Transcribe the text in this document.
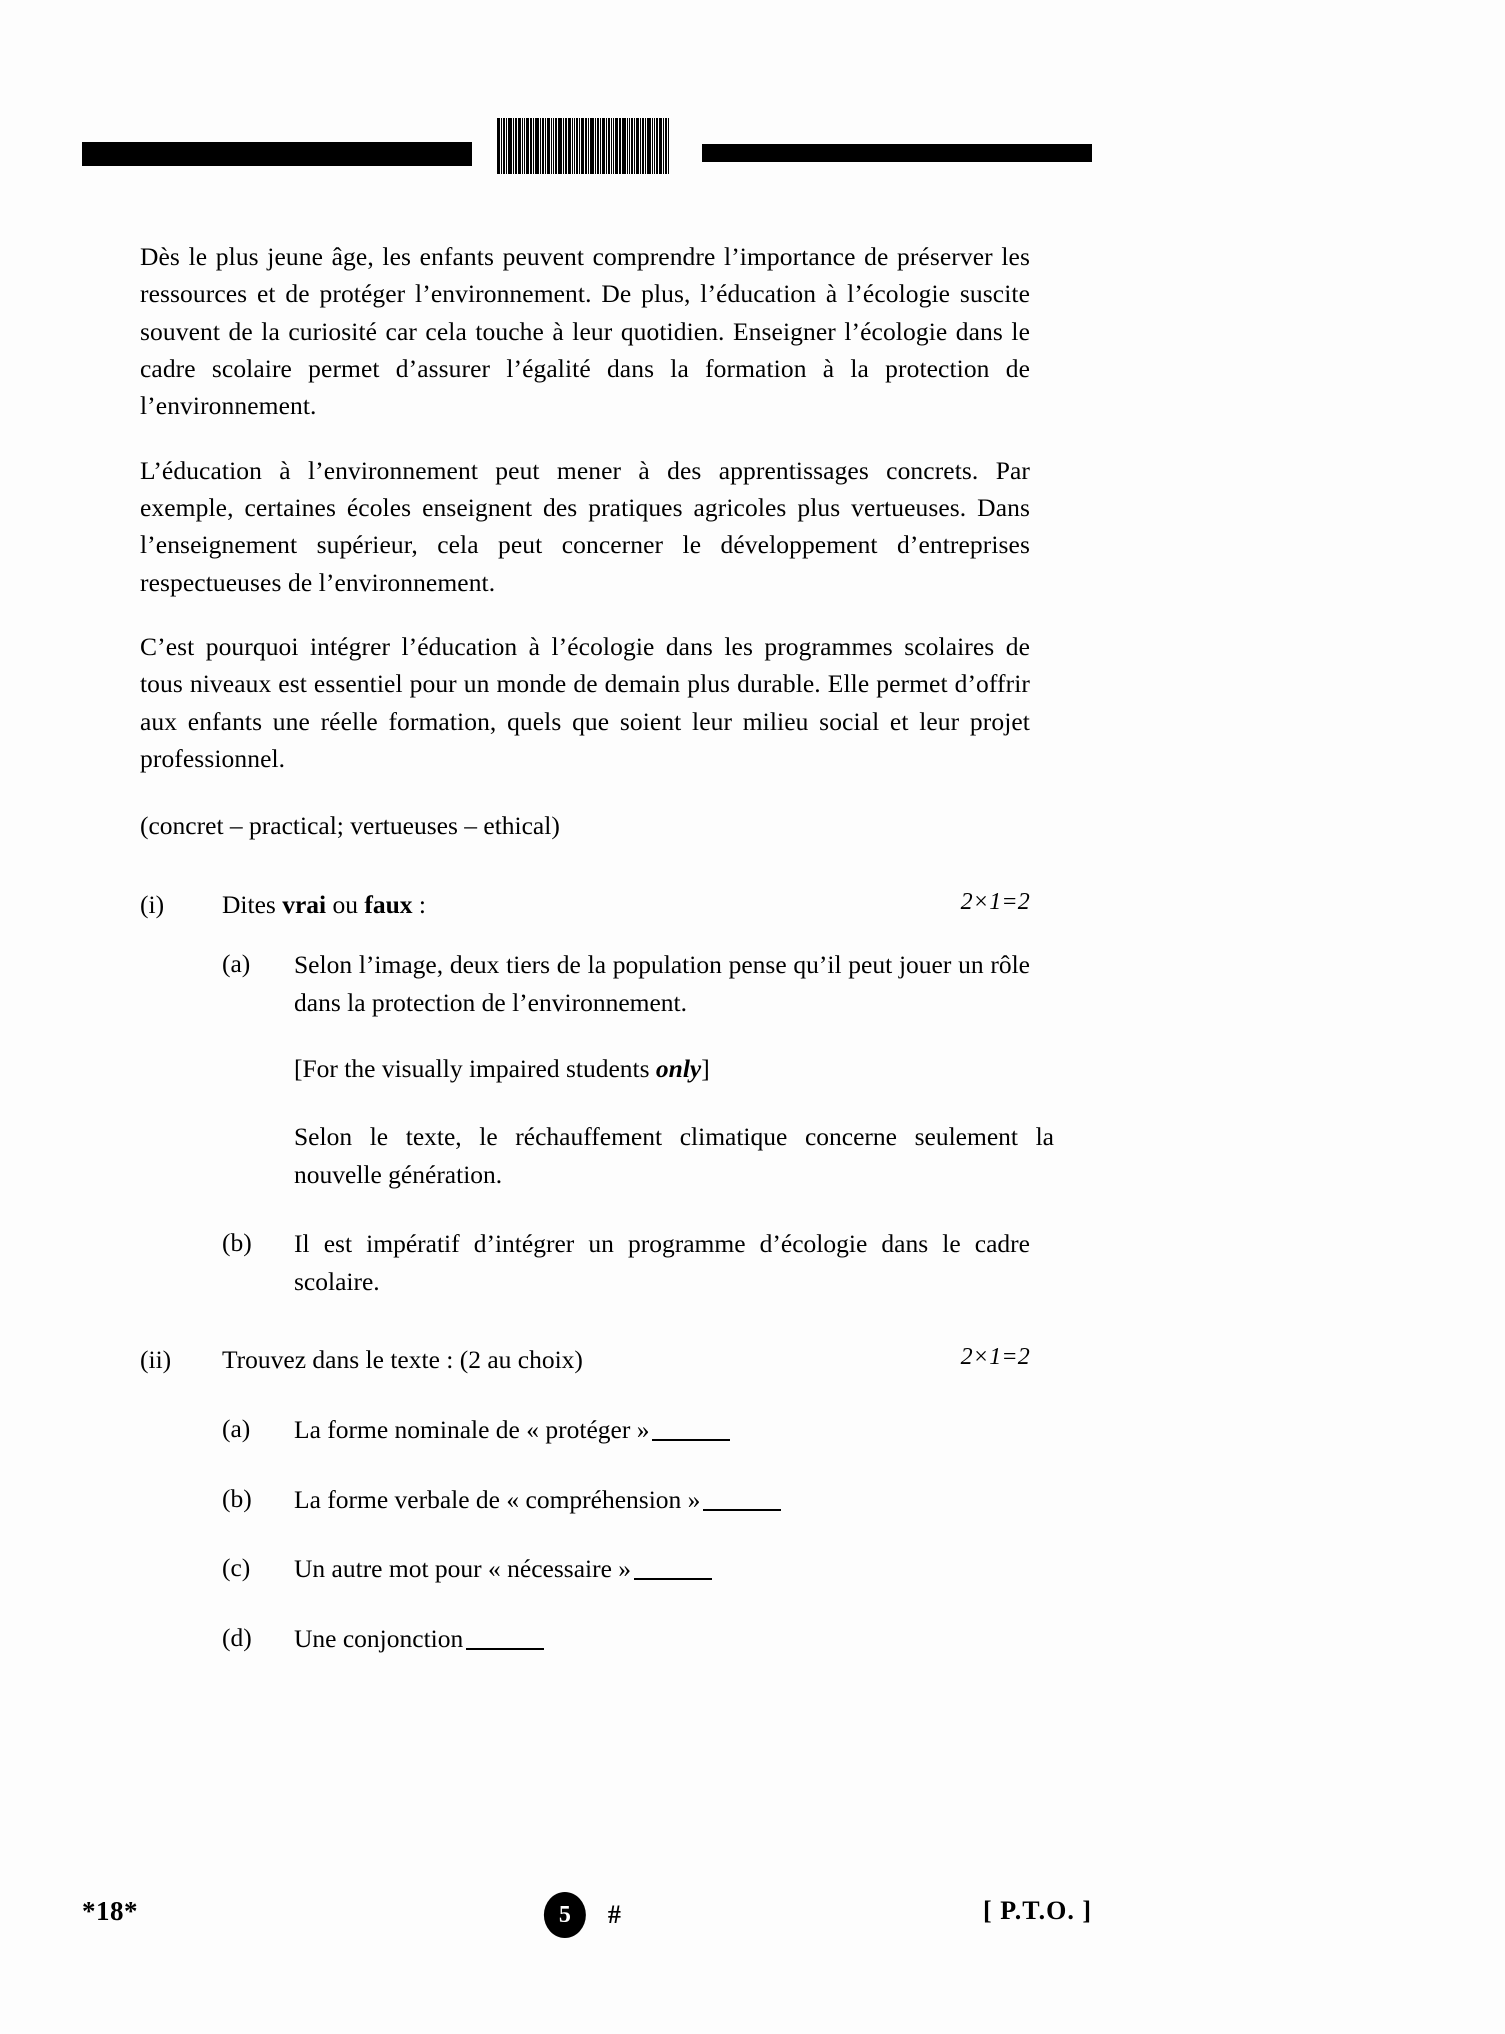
Dès le plus jeune âge, les enfants peuvent comprendre l’importance de préserver les ressources et de protéger l’environnement. De plus, l’éducation à l’écologie suscite souvent de la curiosité car cela touche à leur quotidien. Enseigner l’écologie dans le cadre scolaire permet d’assurer l’égalité dans la formation à la protection de l’environnement.

L’éducation à l’environnement peut mener à des apprentissages concrets. Par exemple, certaines écoles enseignent des pratiques agricoles plus vertueuses. Dans l’enseignement supérieur, cela peut concerner le développement d’entreprises respectueuses de l’environnement.

C’est pourquoi intégrer l’éducation à l’écologie dans les programmes scolaires de tous niveaux est essentiel pour un monde de demain plus durable. Elle permet d’offrir aux enfants une réelle formation, quels que soient leur milieu social et leur projet professionnel.

(concret – practical; vertueuses – ethical)

(i)	Dites vrai ou faux :	2×1=2
(a)	Selon l’image, deux tiers de la population pense qu’il peut jouer un rôle dans la protection de l’environnement.
[For the visually impaired students only]
Selon le texte, le réchauffement climatique concerne seulement la nouvelle génération.
(b)	Il est impératif d’intégrer un programme d’écologie dans le cadre scolaire.
(ii)	Trouvez dans le texte : (2 au choix)	2×1=2
(a)	La forme nominale de « protéger »
(b)	La forme verbale de « compréhension »
(c)	Un autre mot pour « nécessaire »
(d)	Une conjonction
*18*	5	#	[ P.T.O. ]
